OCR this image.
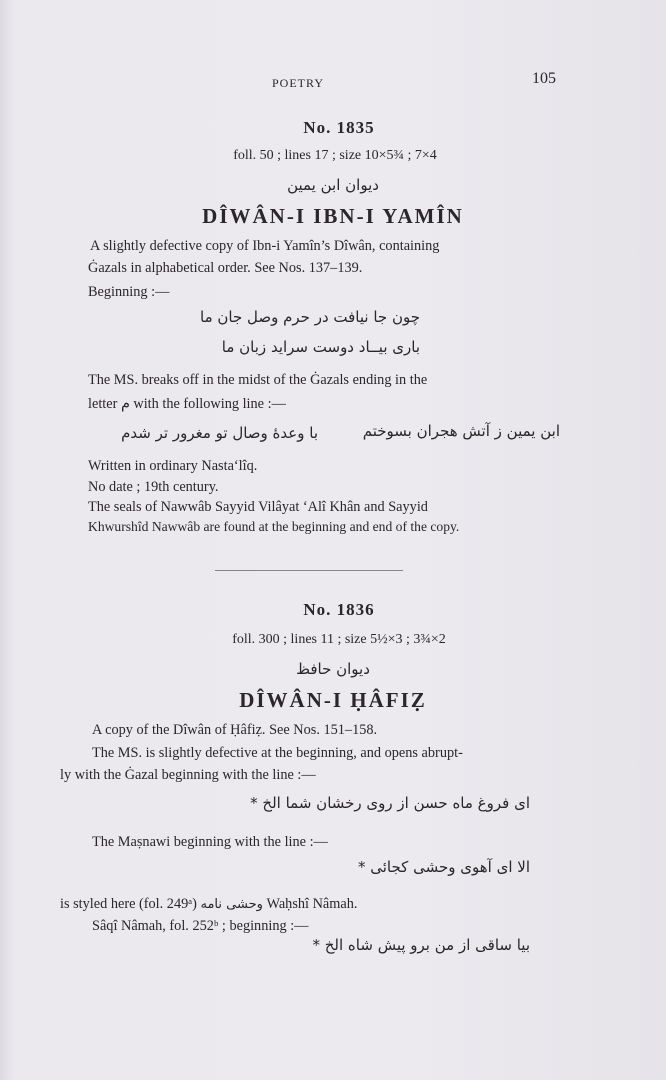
POETRY	105
No. 1835
foll. 50 ; lines 17 ; size 10×5¾ ; 7×4
دیوان ابن یمین
DÎWÂN-I IBN-I YAMÎN
A slightly defective copy of Ibn-i Yamîn’s Dîwân, containing
Ġazals in alphabetical order. See Nos. 137–139.
Beginning :—
چون جا نیافت در حرم وصل جان ما
باری بیــاد دوست سراید زبان ما
The MS. breaks off in the midst of the Ġazals ending in the
letter م with the following line :—
ابن یمین ز آتش هجران بسوختم
با وعدهٔ وصال تو مغرور تر شدم
Written in ordinary Nasta‘lîq.
No date ; 19th century.
The seals of Nawwâb Sayyid Vilâyat ‘Alî Khân and Sayyid
Khwurshîd Nawwâb are found at the beginning and end of the copy.
No. 1836
foll. 300 ; lines 11 ; size 5½×3 ; 3¾×2
دیوان حافظ
DÎWÂN-I ḤÂFIẒ
A copy of the Dîwân of Ḥâfiẓ. See Nos. 151–158.
The MS. is slightly defective at the beginning, and opens abrupt-
ly with the Ġazal beginning with the line :—
ای فروغ ماه حسن از روی رخشان شما الخ *
The Maṣnawi beginning with the line :—
الا ای آهوی وحشی کجائی *
is styled here (fol. 249ᵃ) وحشی نامه Waḥshî Nâmah.
Sâqî Nâmah, fol. 252ᵇ ; beginning :—
بیا ساقی از من برو پیش شاه الخ *
